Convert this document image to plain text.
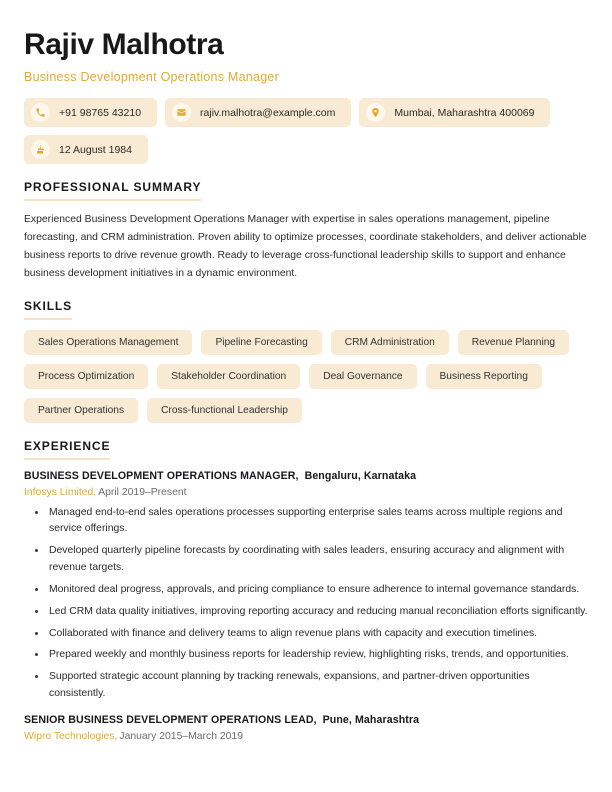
Rajiv Malhotra
Business Development Operations Manager
+91 98765 43210	rajiv.malhotra@example.com	Mumbai, Maharashtra 400069
12 August 1984
PROFESSIONAL SUMMARY

Experienced Business Development Operations Manager with expertise in sales operations management, pipeline forecasting, and CRM administration. Proven ability to optimize processes, coordinate stakeholders, and deliver actionable business reports to drive revenue growth. Ready to leverage cross-functional leadership skills to support and enhance business development initiatives in a dynamic environment.

SKILLS
Sales Operations Management	Pipeline Forecasting	CRM Administration	Revenue Planning
Process Optimization	Stakeholder Coordination	Deal Governance	Business Reporting
Partner Operations	Cross-functional Leadership
EXPERIENCE
BUSINESS DEVELOPMENT OPERATIONS MANAGER, Bengaluru, Karnataka
Infosys Limited, April 2019–Present
Managed end-to-end sales operations processes supporting enterprise sales teams across multiple regions and service offerings.
Developed quarterly pipeline forecasts by coordinating with sales leaders, ensuring accuracy and alignment with revenue targets.
Monitored deal progress, approvals, and pricing compliance to ensure adherence to internal governance standards.
Led CRM data quality initiatives, improving reporting accuracy and reducing manual reconciliation efforts significantly.
Collaborated with finance and delivery teams to align revenue plans with capacity and execution timelines.
Prepared weekly and monthly business reports for leadership review, highlighting risks, trends, and opportunities.
Supported strategic account planning by tracking renewals, expansions, and partner-driven opportunities consistently.
SENIOR BUSINESS DEVELOPMENT OPERATIONS LEAD, Pune, Maharashtra
Wipro Technologies, January 2015–March 2019
